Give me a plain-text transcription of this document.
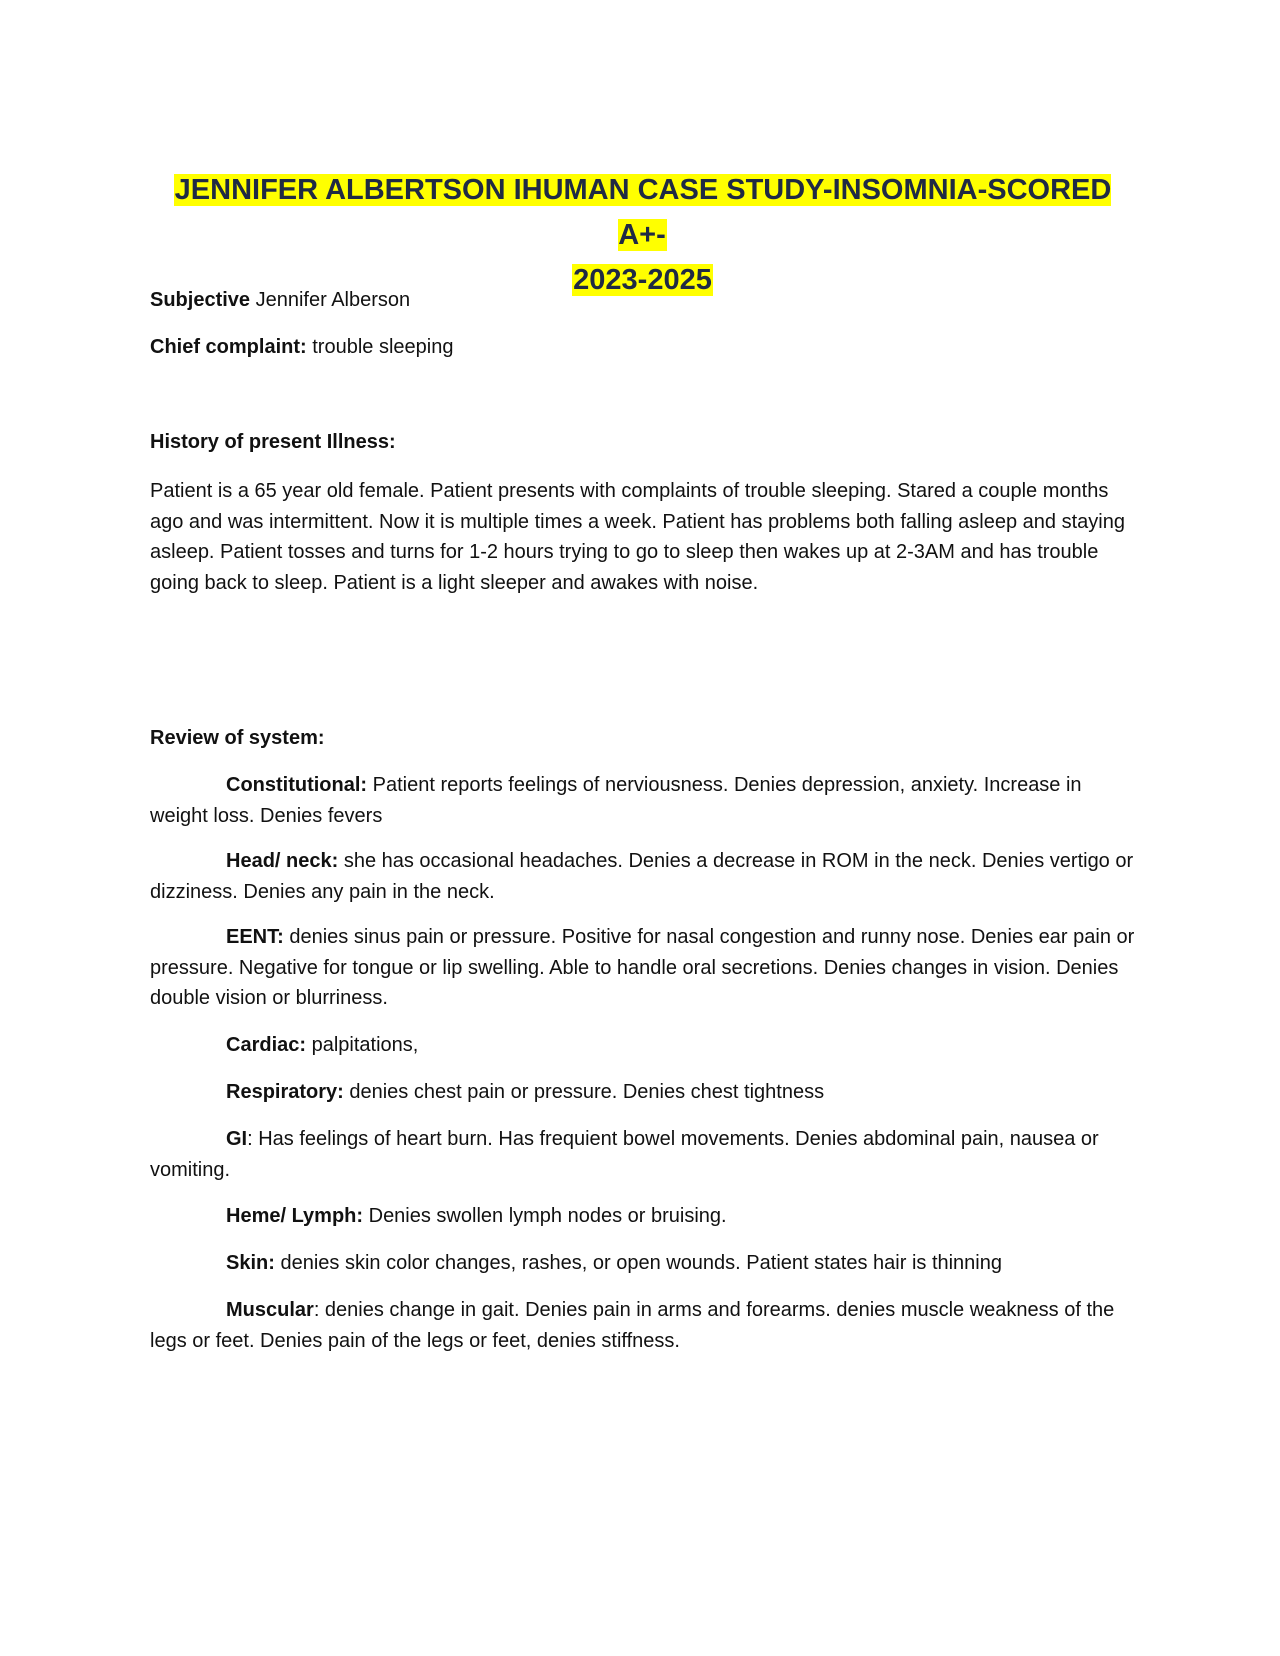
JENNIFER ALBERTSON IHUMAN CASE STUDY-INSOMNIA-SCORED A+-
2023-2025
Subjective Jennifer Alberson
Chief complaint: trouble sleeping
History of present Illness:
Patient is a 65 year old female. Patient presents with complaints of trouble sleeping. Stared a couple months ago and was intermittent. Now it is multiple times a week. Patient has problems both falling asleep and staying asleep. Patient tosses and turns for 1-2 hours trying to go to sleep then wakes up at 2-3AM and has trouble going back to sleep. Patient is a light sleeper and awakes with noise.
Review of system:
Constitutional: Patient reports feelings of nerviousness. Denies depression, anxiety. Increase in weight loss. Denies fevers
Head/ neck: she has occasional headaches. Denies a decrease in ROM in the neck. Denies vertigo or dizziness. Denies any pain in the neck.
EENT: denies sinus pain or pressure. Positive for nasal congestion and runny nose. Denies ear pain or pressure. Negative for tongue or lip swelling. Able to handle oral secretions. Denies changes in vision. Denies double vision or blurriness.
Cardiac: palpitations,
Respiratory: denies chest pain or pressure. Denies chest tightness
GI: Has feelings of heart burn. Has frequient bowel movements. Denies abdominal pain, nausea or vomiting.
Heme/ Lymph: Denies swollen lymph nodes or bruising.
Skin: denies skin color changes, rashes, or open wounds. Patient states hair is thinning
Muscular: denies change in gait. Denies pain in arms and forearms. denies muscle weakness of the legs or feet. Denies pain of the legs or feet, denies stiffness.
